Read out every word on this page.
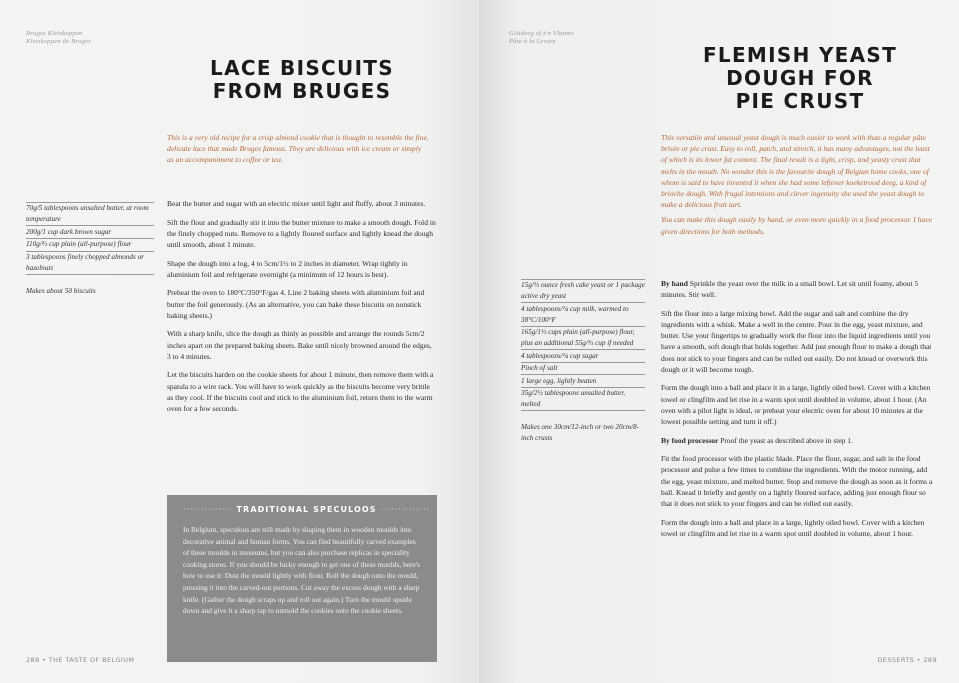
Brugse Kletskoppen
Kletskoppen de Bruges
LACE BISCUITS
FROM BRUGES

This is a very old recipe for a crisp almond cookie that is thought to resemble the fine, delicate lace that made Bruges famous. They are delicious with ice cream or simply as an accompaniment to coffee or tea.

70g/5 tablespoons unsalted butter, at room temperature
200g/1 cup dark brown sugar
110g/⅔ cup plain (all-purpose) flour
3 tablespoons finely chopped almonds or hazelnuts
Makes about 50 biscuits

Beat the butter and sugar with an electric mixer until light and fluffy, about 3 minutes.

Sift the flour and gradually stir it into the butter mixture to make a smooth dough. Fold in the finely chopped nuts. Remove to a lightly floured surface and lightly knead the dough until smooth, about 1 minute.

Shape the dough into a log, 4 to 5cm/1½ to 2 inches in diameter. Wrap tightly in aluminium foil and refrigerate overnight (a minimum of 12 hours is best).

Preheat the oven to 180°C/350°F/gas 4. Line 2 baking sheets with aluminium foil and butter the foil generously. (As an alternative, you can bake these biscuits on nonstick baking sheets.)

With a sharp knife, slice the dough as thinly as possible and arrange the rounds 5cm/2 inches apart on the prepared baking sheets. Bake until nicely browned around the edges, 3 to 4 minutes.

Let the biscuits harden on the cookie sheets for about 1 minute, then remove them with a spatula to a wire rack. You will have to work quickly as the biscuits become very brittle as they cool. If the biscuits cool and stick to the aluminium foil, return them to the warm oven for a few seconds.

·············· TRADITIONAL SPECULOOS ··············

In Belgium, speculoos are still made by shaping them in wooden moulds into decorative animal and human forms. You can find beautifully carved examples of these moulds in museums, but you can also purchase replicas in speciality cooking stores. If you should be lucky enough to get one of these moulds, here's how to use it: Dust the mould lightly with flour. Roll the dough onto the mould, pressing it into the carved-out portions. Cut away the excess dough with a sharp knife. (Gather the dough scraps up and roll out again.) Turn the mould upside down and give it a sharp tap to unmold the cookies onto the cookie sheets.

288 • THE TASTE OF BELGIUM
Gistdeeg of z'n Vlaams
Pâte à la Levure
FLEMISH YEAST
DOUGH FOR
PIE CRUST

This versatile and unusual yeast dough is much easier to work with than a regular pâte brisée or pie crust. Easy to roll, patch, and stretch, it has many advantages, not the least of which is its lower fat content. The final result is a light, crisp, and yeasty crust that melts in the mouth. No wonder this is the favourite dough of Belgian home cooks, one of whom is said to have invented it when she had some leftover koeketrood deeg, a kind of brioche dough. With frugal intentions and clever ingenuity she used the yeast dough to make a delicious fruit tart.

You can make this dough easily by hand, or even more quickly in a food processor. I have given directions for both methods.

15g/½ ounce fresh cake yeast or 1 package active dry yeast
4 tablespoons/¼ cup milk, warmed to 38°C/100°F
165g/1⅓ cups plain (all-purpose) flour, plus an additional 55g/⅓ cup if needed
4 tablespoons/¼ cup sugar
Pinch of salt
1 large egg, lightly beaten
35g/2½ tablespoons unsalted butter, melted
Makes one 30cm/12-inch or two 20cm/8-inch crusts

By hand Sprinkle the yeast over the milk in a small bowl. Let sit until foamy, about 5 minutes. Stir well.

Sift the flour into a large mixing bowl. Add the sugar and salt and combine the dry ingredients with a whisk. Make a well in the centre. Pour in the egg, yeast mixture, and butter. Use your fingertips to gradually work the flour into the liquid ingredients until you have a smooth, soft dough that holds together. Add just enough flour to make a dough that does not stick to your fingers and can be rolled out easily. Do not knead or overwork this dough or it will become tough.

Form the dough into a ball and place it in a large, lightly oiled bowl. Cover with a kitchen towel or clingfilm and let rise in a warm spot until doubled in volume, about 1 hour. (An oven with a pilot light is ideal, or preheat your electric oven for about 10 minutes at the lowest possible setting and turn it off.)

By food processor Proof the yeast as described above in step 1.

Fit the food processor with the plastic blade. Place the flour, sugar, and salt in the food processor and pulse a few times to combine the ingredients. With the motor running, add the egg, yeast mixture, and melted butter. Stop and remove the dough as soon as it forms a ball. Knead it briefly and gently on a lightly floured surface, adding just enough flour so that it does not stick to your fingers and can be rolled out easily.

Form the dough into a ball and place in a large, lightly oiled bowl. Cover with a kitchen towel or clingfilm and let rise in a warm spot until doubled in volume, about 1 hour.

DESSERTS • 289
